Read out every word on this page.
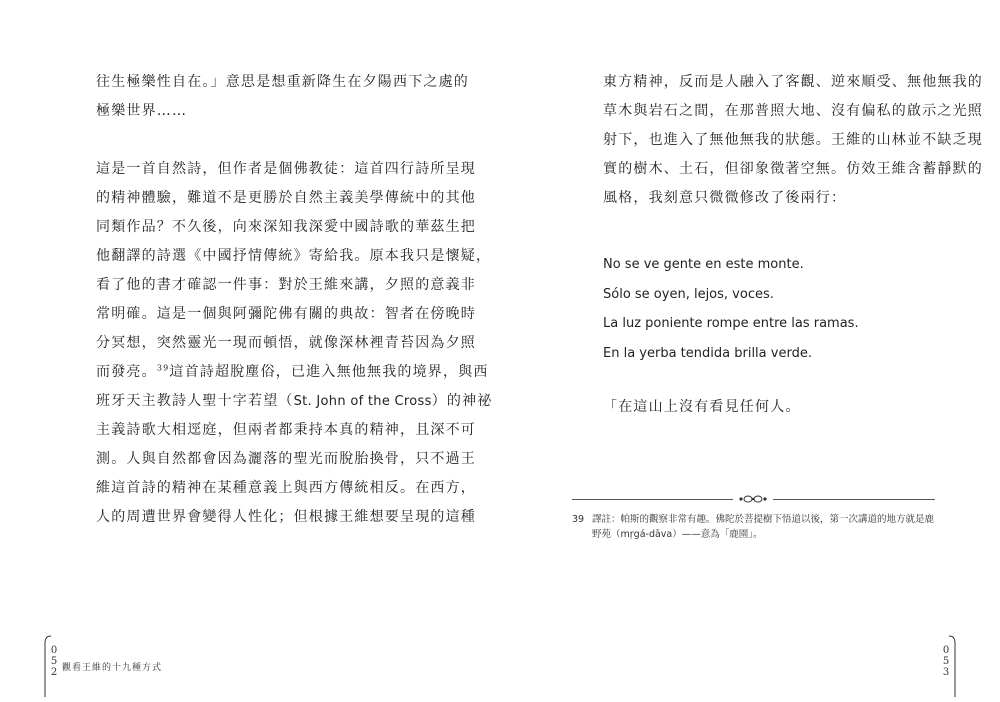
往生極樂性自在。」意思是想重新降生在夕陽西下之處的
極樂世界……
這是一首自然詩，但作者是個佛教徒：這首四行詩所呈現
的精神體驗，難道不是更勝於自然主義美學傳統中的其他
同類作品？不久後，向來深知我深愛中國詩歌的華茲生把
他翻譯的詩選《中國抒情傳統》寄給我。原本我只是懷疑，
看了他的書才確認一件事：對於王維來講，夕照的意義非
常明確。這是一個與阿彌陀佛有關的典故：智者在傍晚時
分冥想，突然靈光一現而頓悟，就像深林裡青苔因為夕照
而發亮。$^{39}$這首詩超脫塵俗，已進入無他無我的境界，與西
班牙天主教詩人聖十字若望（St. John of the Cross）的神祕
主義詩歌大相逕庭，但兩者都秉持本真的精神，且深不可
測。人與自然都會因為灑落的聖光而脫胎換骨，只不過王
維這首詩的精神在某種意義上與西方傳統相反。在西方，
人的周遭世界會變得人性化；但根據王維想要呈現的這種
0
5
2 觀看王維的十九種方式
東方精神，反而是人融入了客觀、逆來順受、無他無我的
草木與岩石之間，在那普照大地、沒有偏私的啟示之光照
射下，也進入了無他無我的狀態。王維的山林並不缺乏現
實的樹木、土石，但卻象徵著空無。仿效王維含蓄靜默的
風格，我刻意只微微修改了後兩行：
No se ve gente en este monte.
Sólo se oyen, lejos, voces.
La luz poniente rompe entre las ramas.
En la yerba tendida brilla verde.
「在這山上沒有看見任何人。
39 譯註：帕斯的觀察非常有趣。佛陀於菩提樹下悟道以後，第一次講道的地方就是鹿
野苑（mṛgá-dāva）——意為「鹿園」。
0
5
3
